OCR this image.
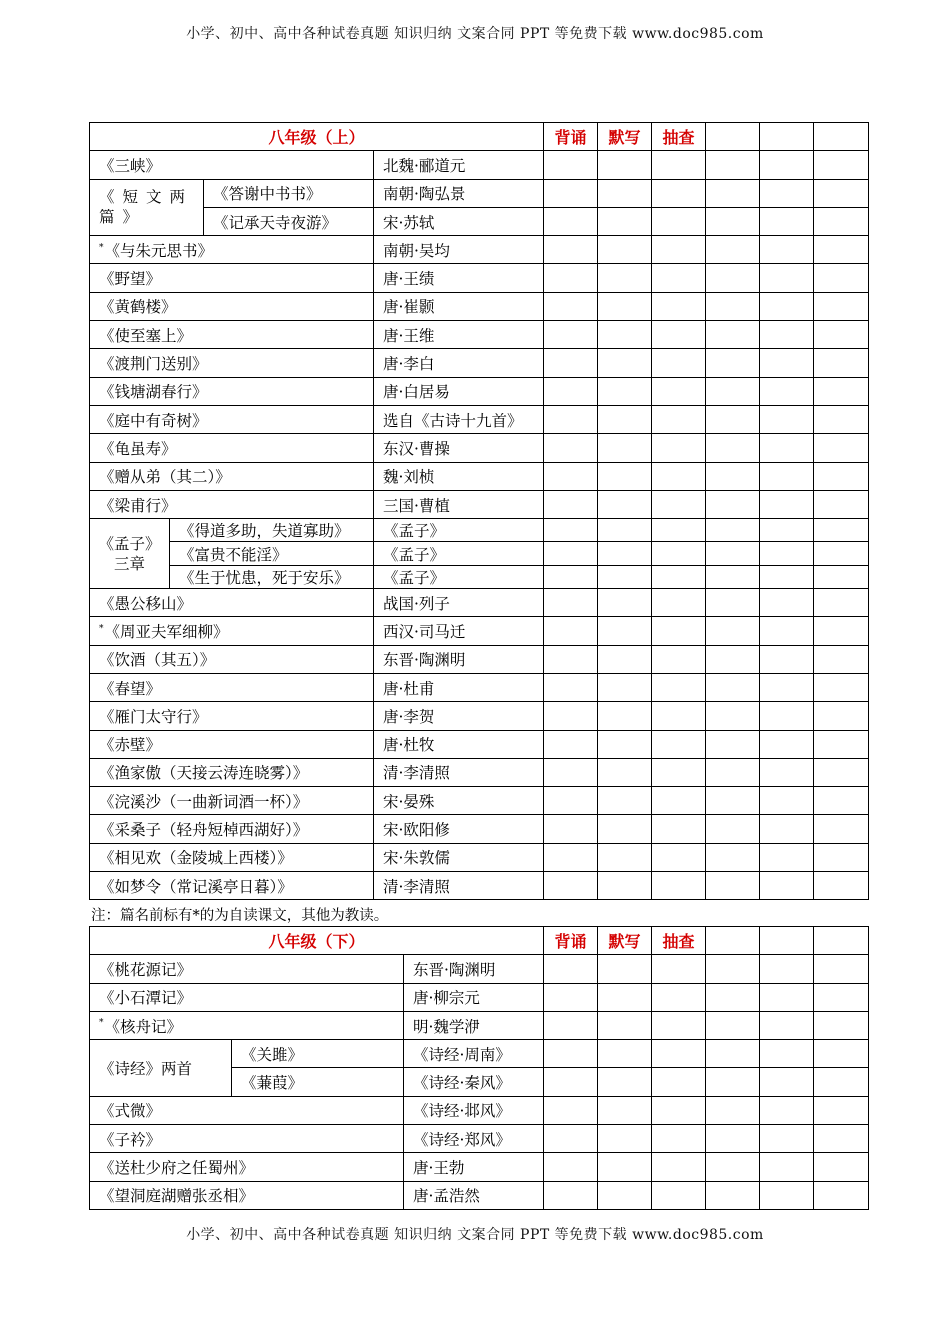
小学、初中、高中各种试卷真题 知识归纳 文案合同 PPT 等免费下载 www.doc985.com
八年级（上）				背诵	默写	抽查			
《三峡》			北魏·郦道元						
《短文两篇》		《答谢中书书》	南朝·陶弘景						
		《记承天寺夜游》	宋·苏轼						
*《与朱元思书》			南朝·吴均						
《野望》			唐·王绩						
《黄鹤楼》			唐·崔颢						
《使至塞上》			唐·王维						
《渡荆门送别》			唐·李白						
《钱塘湖春行》			唐·白居易						
《庭中有奇树》			选自《古诗十九首》						
《龟虽寿》			东汉·曹操						
《赠从弟（其二）》			魏·刘桢						
《梁甫行》			三国·曹植						
《孟子》三章	《得道多助，失道寡助》		《孟子》						
	《富贵不能淫》		《孟子》						
	《生于忧患，死于安乐》		《孟子》						
《愚公移山》			战国·列子						
*《周亚夫军细柳》			西汉·司马迁						
《饮酒（其五）》			东晋·陶渊明						
《春望》			唐·杜甫						
《雁门太守行》			唐·李贺						
《赤壁》			唐·杜牧						
《渔家傲（天接云涛连晓雾）》			清·李清照						
《浣溪沙（一曲新词酒一杯）》			宋·晏殊						
《采桑子（轻舟短棹西湖好）》			宋·欧阳修						
《相见欢（金陵城上西楼）》			宋·朱敦儒						
《如梦令（常记溪亭日暮）》			清·李清照						
注：篇名前标有*的为自读课文，其他为教读。
八年级（下）			背诵	默写	抽查			
《桃花源记》		东晋·陶渊明						
《小石潭记》		唐·柳宗元						
*《核舟记》		明·魏学洢						
《诗经》两首	《关雎》	《诗经·周南》						
	《蒹葭》	《诗经·秦风》						
《式微》		《诗经·邶风》						
《子衿》		《诗经·郑风》						
《送杜少府之任蜀州》		唐·王勃						
《望洞庭湖赠张丞相》		唐·孟浩然						
小学、初中、高中各种试卷真题 知识归纳 文案合同 PPT 等免费下载 www.doc985.com
